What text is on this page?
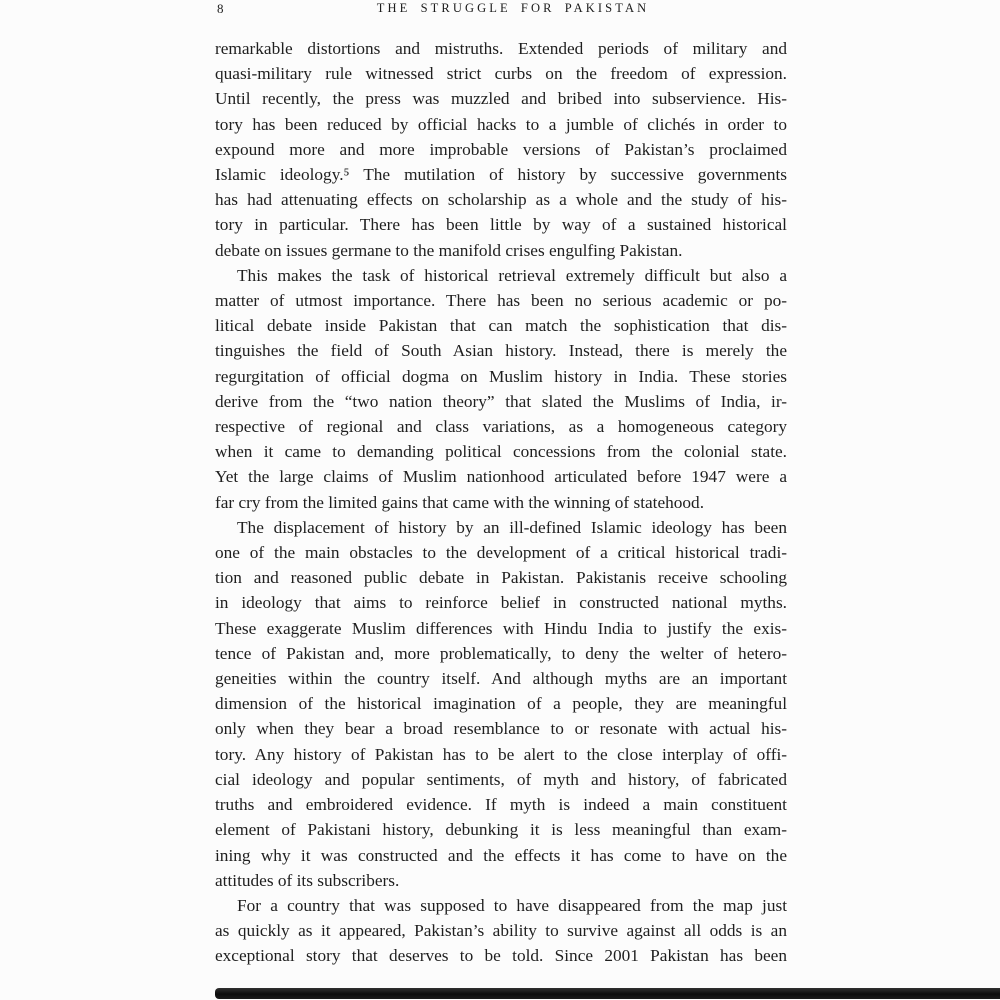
8	THE STRUGGLE FOR PAKISTAN
remarkable distortions and mistruths. Extended periods of military and
quasi-military rule witnessed strict curbs on the freedom of expression.
Until recently, the press was muzzled and bribed into subservience. His-
tory has been reduced by official hacks to a jumble of clichés in order to
expound more and more improbable versions of Pakistan’s proclaimed
Islamic ideology.⁵ The mutilation of history by successive governments
has had attenuating effects on scholarship as a whole and the study of his-
tory in particular. There has been little by way of a sustained historical
debate on issues germane to the manifold crises engulfing Pakistan.
This makes the task of historical retrieval extremely difficult but also a
matter of utmost importance. There has been no serious academic or po-
litical debate inside Pakistan that can match the sophistication that dis-
tinguishes the field of South Asian history. Instead, there is merely the
regurgitation of official dogma on Muslim history in India. These stories
derive from the “two nation theory” that slated the Muslims of India, ir-
respective of regional and class variations, as a homogeneous category
when it came to demanding political concessions from the colonial state.
Yet the large claims of Muslim nationhood articulated before 1947 were a
far cry from the limited gains that came with the winning of statehood.
The displacement of history by an ill-defined Islamic ideology has been
one of the main obstacles to the development of a critical historical tradi-
tion and reasoned public debate in Pakistan. Pakistanis receive schooling
in ideology that aims to reinforce belief in constructed national myths.
These exaggerate Muslim differences with Hindu India to justify the exis-
tence of Pakistan and, more problematically, to deny the welter of hetero-
geneities within the country itself. And although myths are an important
dimension of the historical imagination of a people, they are meaningful
only when they bear a broad resemblance to or resonate with actual his-
tory. Any history of Pakistan has to be alert to the close interplay of offi-
cial ideology and popular sentiments, of myth and history, of fabricated
truths and embroidered evidence. If myth is indeed a main constituent
element of Pakistani history, debunking it is less meaningful than exam-
ining why it was constructed and the effects it has come to have on the
attitudes of its subscribers.
For a country that was supposed to have disappeared from the map just
as quickly as it appeared, Pakistan’s ability to survive against all odds is an
exceptional story that deserves to be told. Since 2001 Pakistan has been
